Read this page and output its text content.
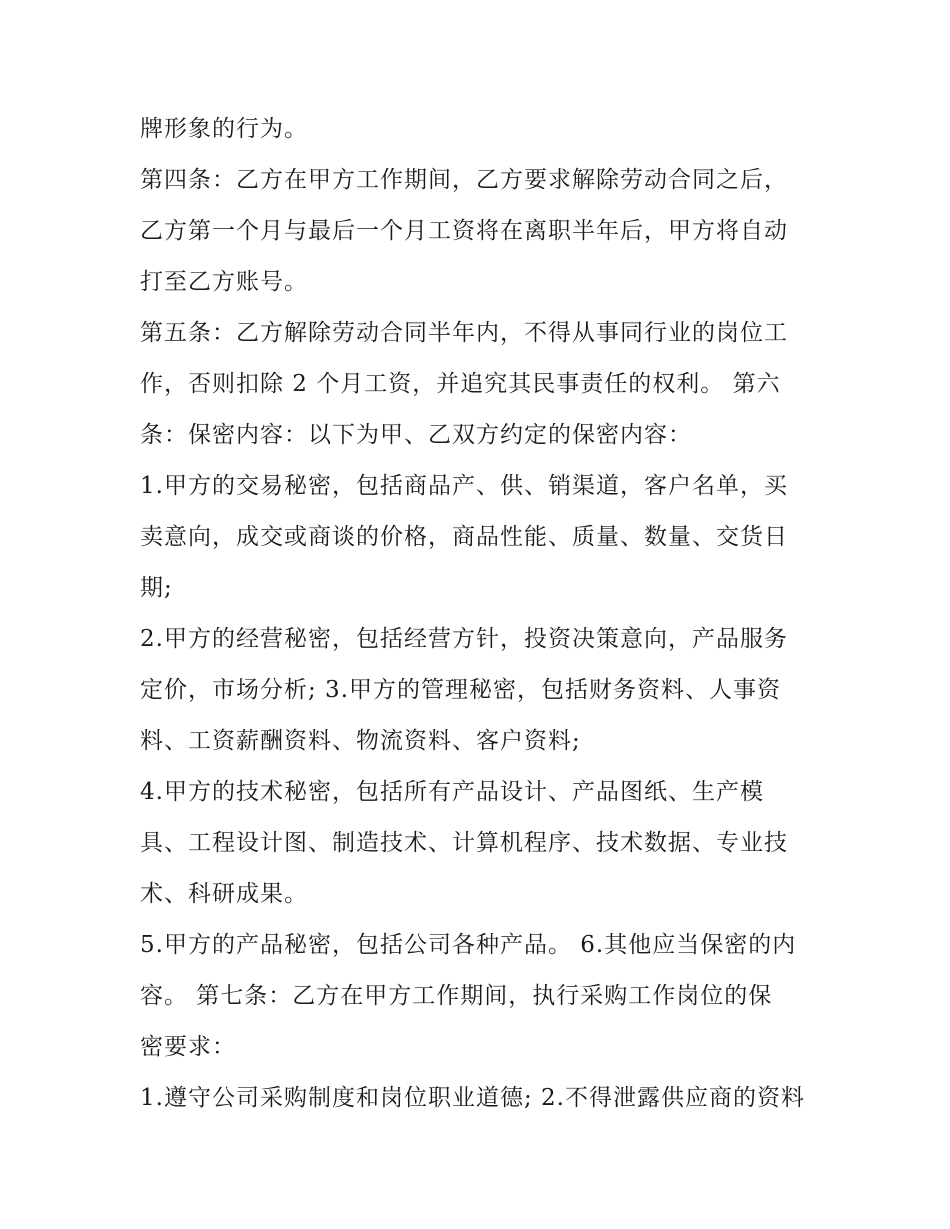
牌形象的行为。
第四条：乙方在甲方工作期间，乙方要求解除劳动合同之后，
乙方第一个月与最后一个月工资将在离职半年后，甲方将自动
打至乙方账号。
第五条：乙方解除劳动合同半年内，不得从事同行业的岗位工
作，否则扣除 2 个月工资，并追究其民事责任的权利。 第六
条：保密内容：以下为甲、乙双方约定的保密内容：
1.甲方的交易秘密，包括商品产、供、销渠道，客户名单，买
卖意向，成交或商谈的价格，商品性能、质量、数量、交货日
期;
2.甲方的经营秘密，包括经营方针，投资决策意向，产品服务
定价，市场分析; 3.甲方的管理秘密，包括财务资料、人事资
料、工资薪酬资料、物流资料、客户资料;
4.甲方的技术秘密，包括所有产品设计、产品图纸、生产模
具、工程设计图、制造技术、计算机程序、技术数据、专业技
术、科研成果。
5.甲方的产品秘密，包括公司各种产品。 6.其他应当保密的内
容。 第七条：乙方在甲方工作期间，执行采购工作岗位的保
密要求：
1.遵守公司采购制度和岗位职业道德; 2.不得泄露供应商的资料
